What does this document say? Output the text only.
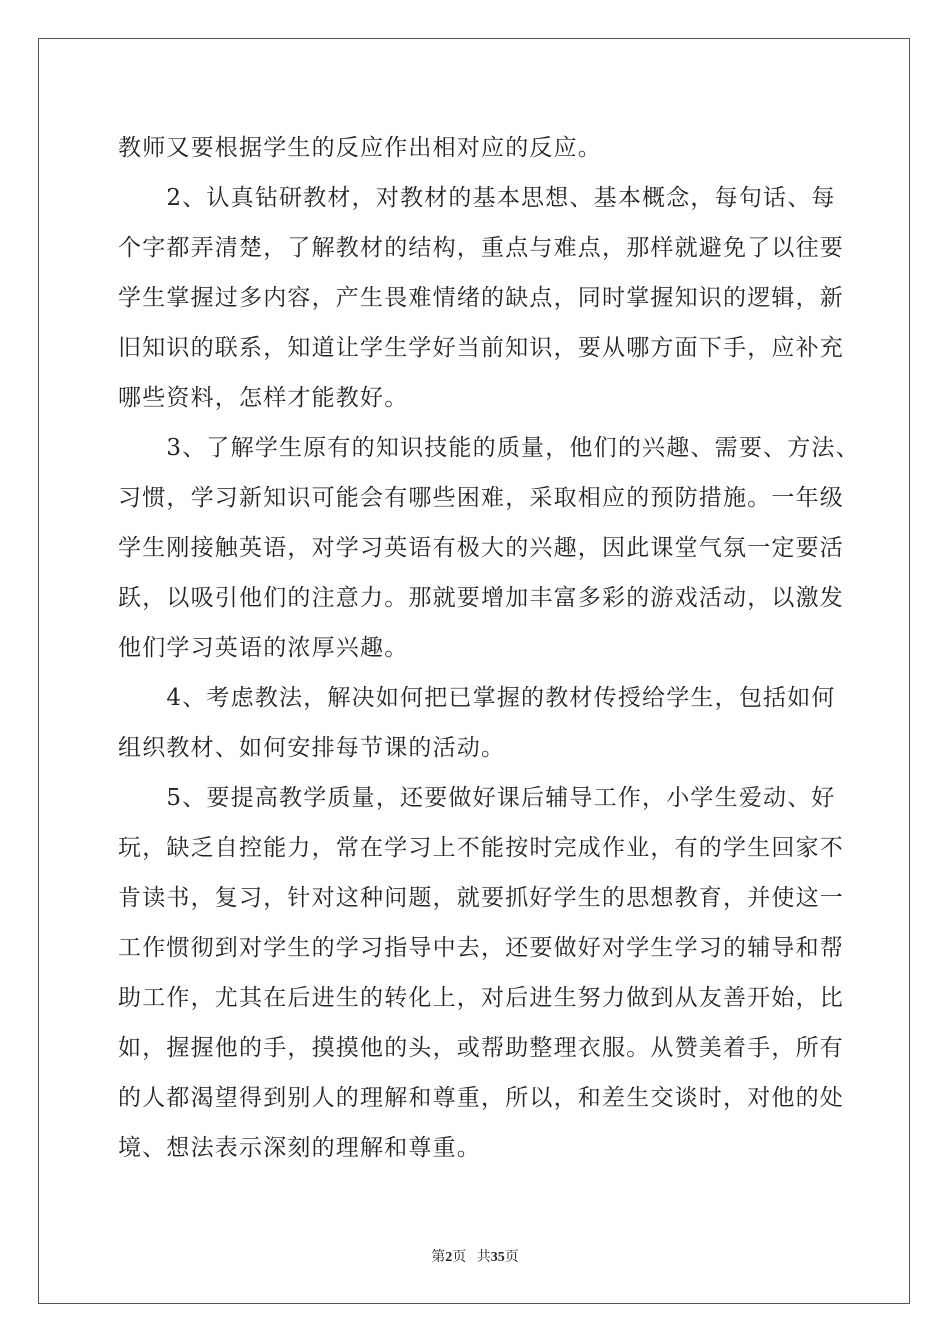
教师又要根据学生的反应作出相对应的反应。
　　2、认真钻研教材，对教材的基本思想、基本概念，每句话、每
个字都弄清楚，了解教材的结构，重点与难点，那样就避免了以往要
学生掌握过多内容，产生畏难情绪的缺点，同时掌握知识的逻辑，新
旧知识的联系，知道让学生学好当前知识，要从哪方面下手，应补充
哪些资料，怎样才能教好。
　　3、了解学生原有的知识技能的质量，他们的兴趣、需要、方法、
习惯，学习新知识可能会有哪些困难，采取相应的预防措施。一年级
学生刚接触英语，对学习英语有极大的兴趣，因此课堂气氛一定要活
跃，以吸引他们的注意力。那就要增加丰富多彩的游戏活动，以激发
他们学习英语的浓厚兴趣。
　　4、考虑教法，解决如何把已掌握的教材传授给学生，包括如何
组织教材、如何安排每节课的活动。
　　5、要提高教学质量，还要做好课后辅导工作，小学生爱动、好
玩，缺乏自控能力，常在学习上不能按时完成作业，有的学生回家不
肯读书，复习，针对这种问题，就要抓好学生的思想教育，并使这一
工作惯彻到对学生的学习指导中去，还要做好对学生学习的辅导和帮
助工作，尤其在后进生的转化上，对后进生努力做到从友善开始，比
如，握握他的手，摸摸他的头，或帮助整理衣服。从赞美着手，所有
的人都渴望得到别人的理解和尊重，所以，和差生交谈时，对他的处
境、想法表示深刻的理解和尊重。
第2页 共35页
